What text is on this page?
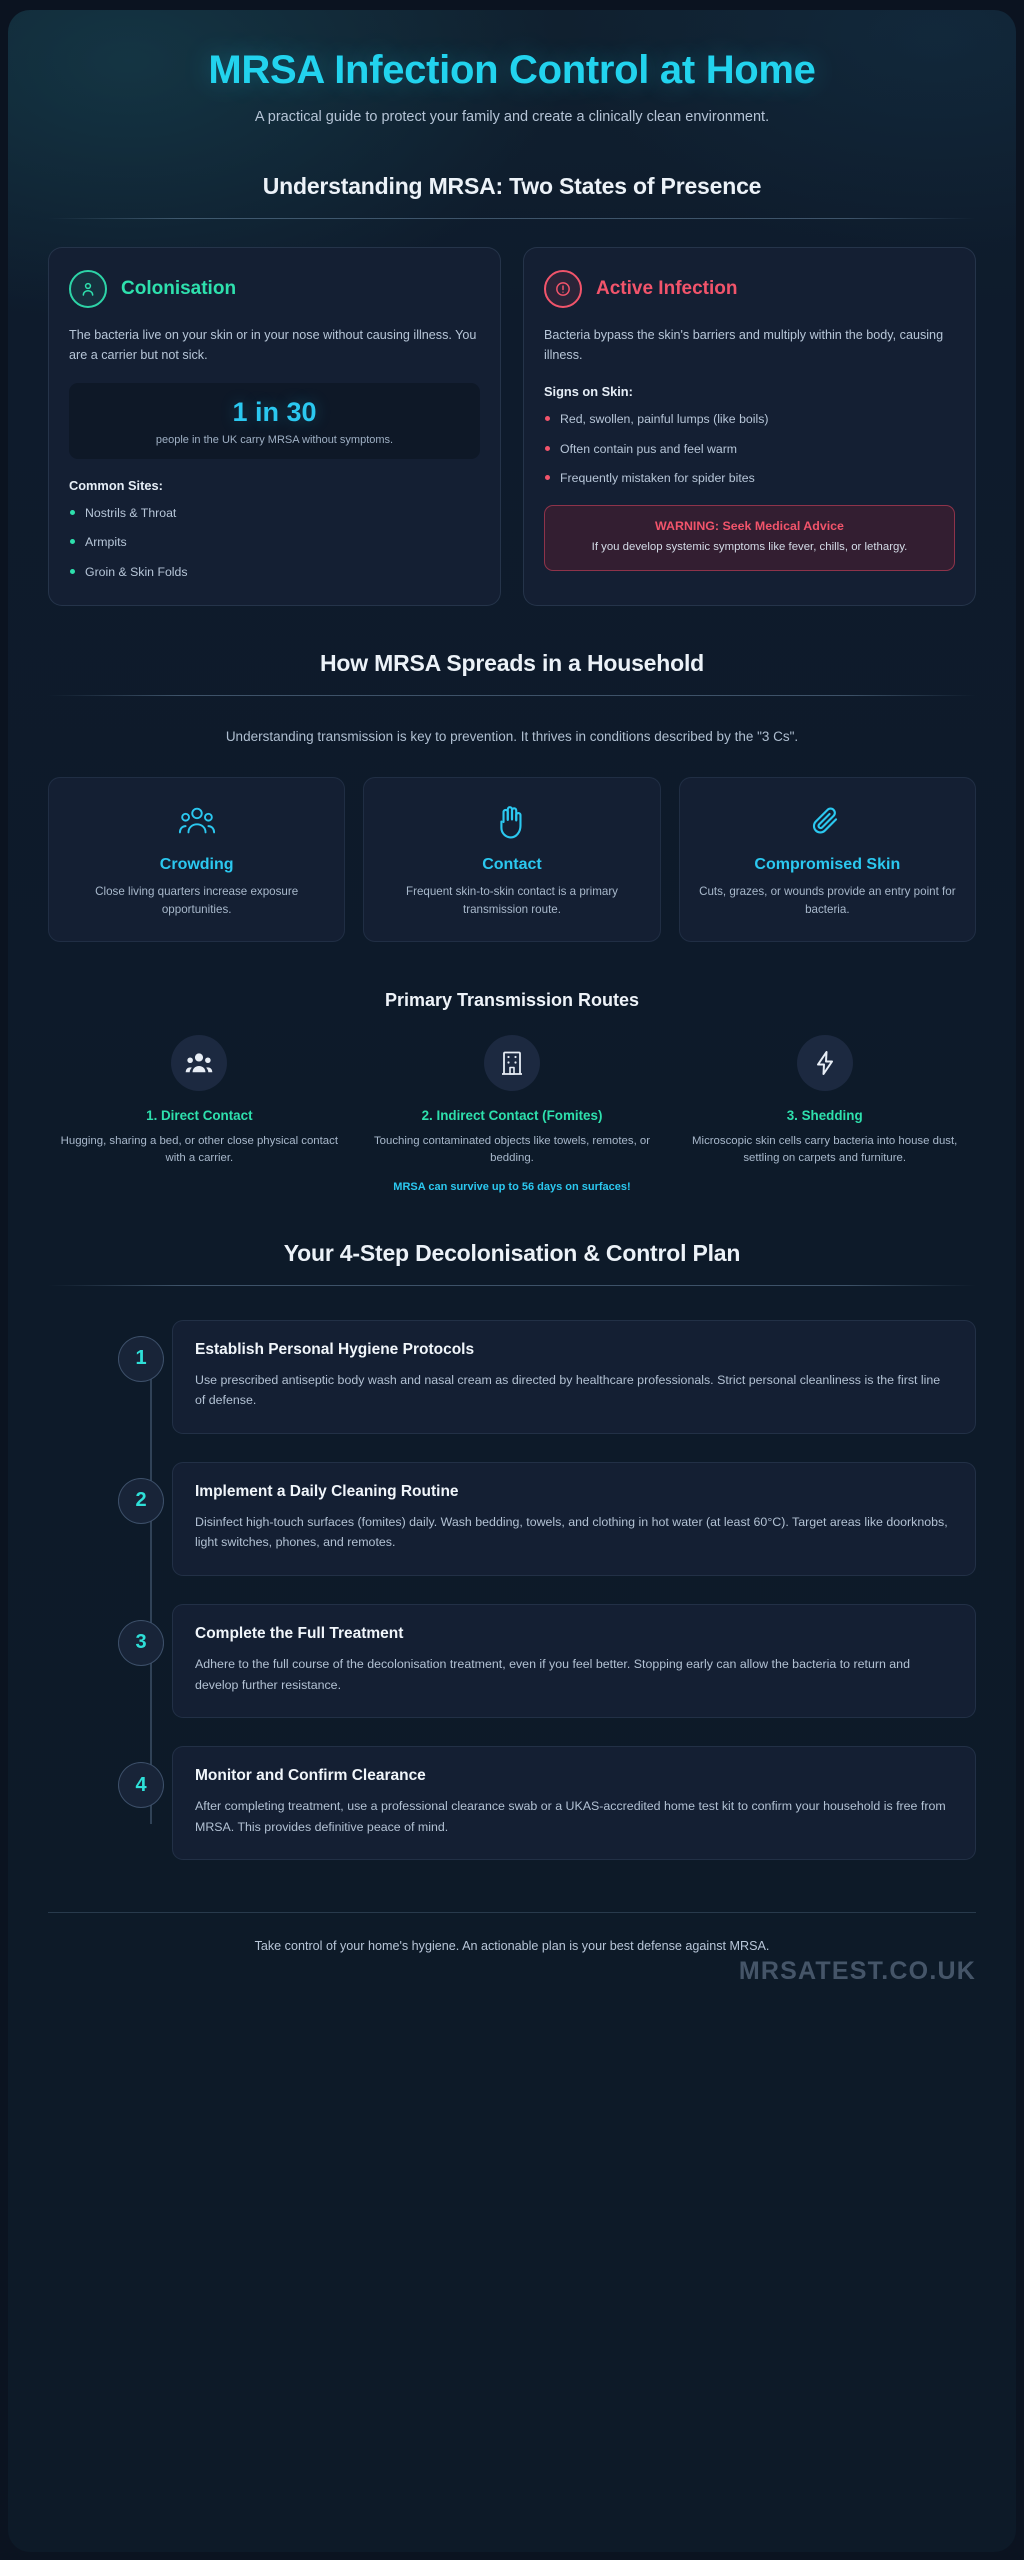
MRSA Infection Control at Home
A practical guide to protect your family and create a clinically clean environment.
Understanding MRSA: Two States of Presence
Colonisation
The bacteria live on your skin or in your nose without causing illness. You are a carrier but not sick.
1 in 30
people in the UK carry MRSA without symptoms.
Common Sites:
Nostrils & Throat
Armpits
Groin & Skin Folds
Active Infection
Bacteria bypass the skin's barriers and multiply within the body, causing illness.
Signs on Skin:
Red, swollen, painful lumps (like boils)
Often contain pus and feel warm
Frequently mistaken for spider bites
WARNING: Seek Medical Advice
If you develop systemic symptoms like fever, chills, or lethargy.
How MRSA Spreads in a Household
Understanding transmission is key to prevention. It thrives in conditions described by the "3 Cs".
Crowding
Close living quarters increase exposure opportunities.
Contact
Frequent skin-to-skin contact is a primary transmission route.
Compromised Skin
Cuts, grazes, or wounds provide an entry point for bacteria.
Primary Transmission Routes
1. Direct Contact
Hugging, sharing a bed, or other close physical contact with a carrier.
2. Indirect Contact (Fomites)
Touching contaminated objects like towels, remotes, or bedding.
MRSA can survive up to 56 days on surfaces!
3. Shedding
Microscopic skin cells carry bacteria into house dust, settling on carpets and furniture.
Your 4-Step Decolonisation & Control Plan
1	Establish Personal Hygiene Protocols
Use prescribed antiseptic body wash and nasal cream as directed by healthcare professionals. Strict personal cleanliness is the first line of defense.
2	Implement a Daily Cleaning Routine
Disinfect high-touch surfaces (fomites) daily. Wash bedding, towels, and clothing in hot water (at least 60°C). Target areas like doorknobs, light switches, phones, and remotes.
3	Complete the Full Treatment
Adhere to the full course of the decolonisation treatment, even if you feel better. Stopping early can allow the bacteria to return and develop further resistance.
4	Monitor and Confirm Clearance
After completing treatment, use a professional clearance swab or a UKAS-accredited home test kit to confirm your household is free from MRSA. This provides definitive peace of mind.
Take control of your home's hygiene. An actionable plan is your best defense against MRSA.
MRSATEST.CO.UK
